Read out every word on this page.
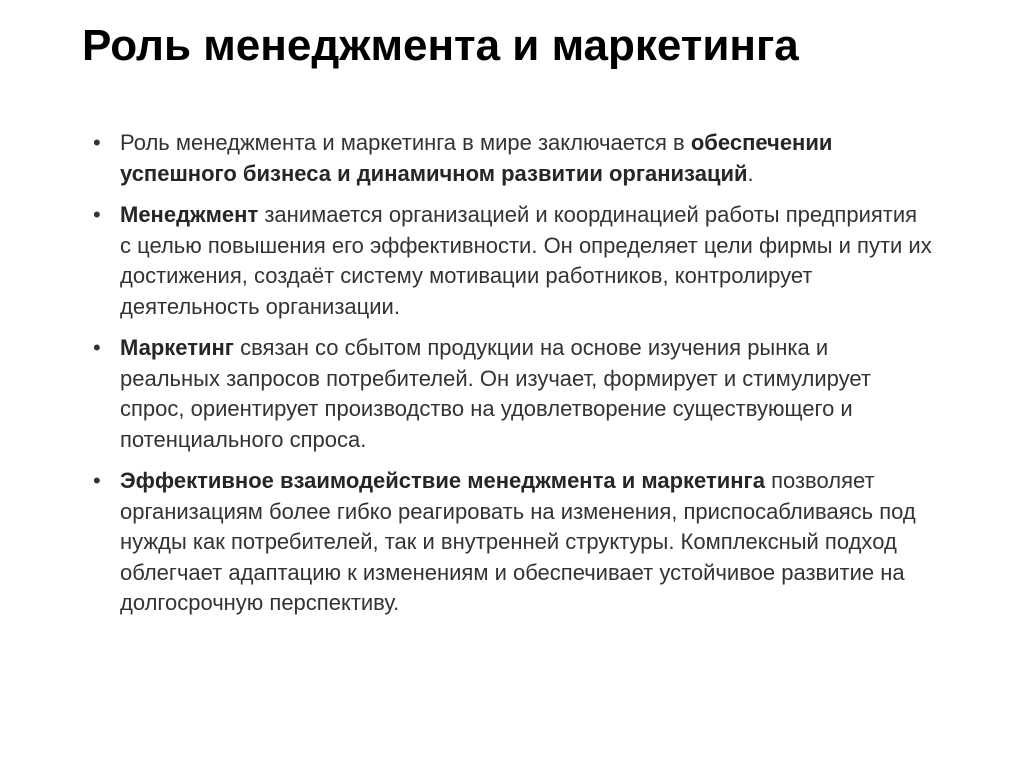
Роль менеджмента и маркетинга
• Роль менеджмента и маркетинга в мире заключается в обеспечении успешного бизнеса и динамичном развитии организаций.
• Менеджмент занимается организацией и координацией работы предприятия с целью повышения его эффективности. Он определяет цели фирмы и пути их достижения, создаёт систему мотивации работников, контролирует деятельность организации.
• Маркетинг связан со сбытом продукции на основе изучения рынка и реальных запросов потребителей. Он изучает, формирует и стимулирует спрос, ориентирует производство на удовлетворение существующего и потенциального спроса.
• Эффективное взаимодействие менеджмента и маркетинга позволяет организациям более гибко реагировать на изменения, приспосабливаясь под нужды как потребителей, так и внутренней структуры. Комплексный подход облегчает адаптацию к изменениям и обеспечивает устойчивое развитие на долгосрочную перспективу.
